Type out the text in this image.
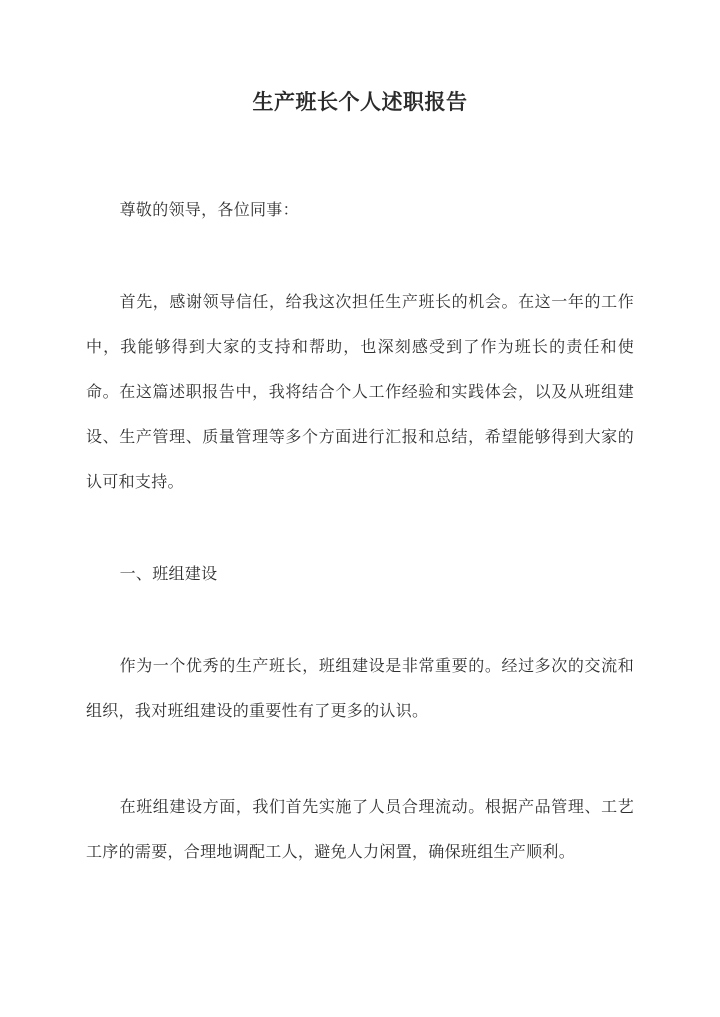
生产班长个人述职报告
尊敬的领导，各位同事：
首先，感谢领导信任，给我这次担任生产班长的机会。在这一年的工作中，我能够得到大家的支持和帮助，也深刻感受到了作为班长的责任和使命。在这篇述职报告中，我将结合个人工作经验和实践体会，以及从班组建设、生产管理、质量管理等多个方面进行汇报和总结，希望能够得到大家的认可和支持。
一、班组建设
作为一个优秀的生产班长，班组建设是非常重要的。经过多次的交流和组织，我对班组建设的重要性有了更多的认识。
在班组建设方面，我们首先实施了人员合理流动。根据产品管理、工艺工序的需要，合理地调配工人，避免人力闲置，确保班组生产顺利。
